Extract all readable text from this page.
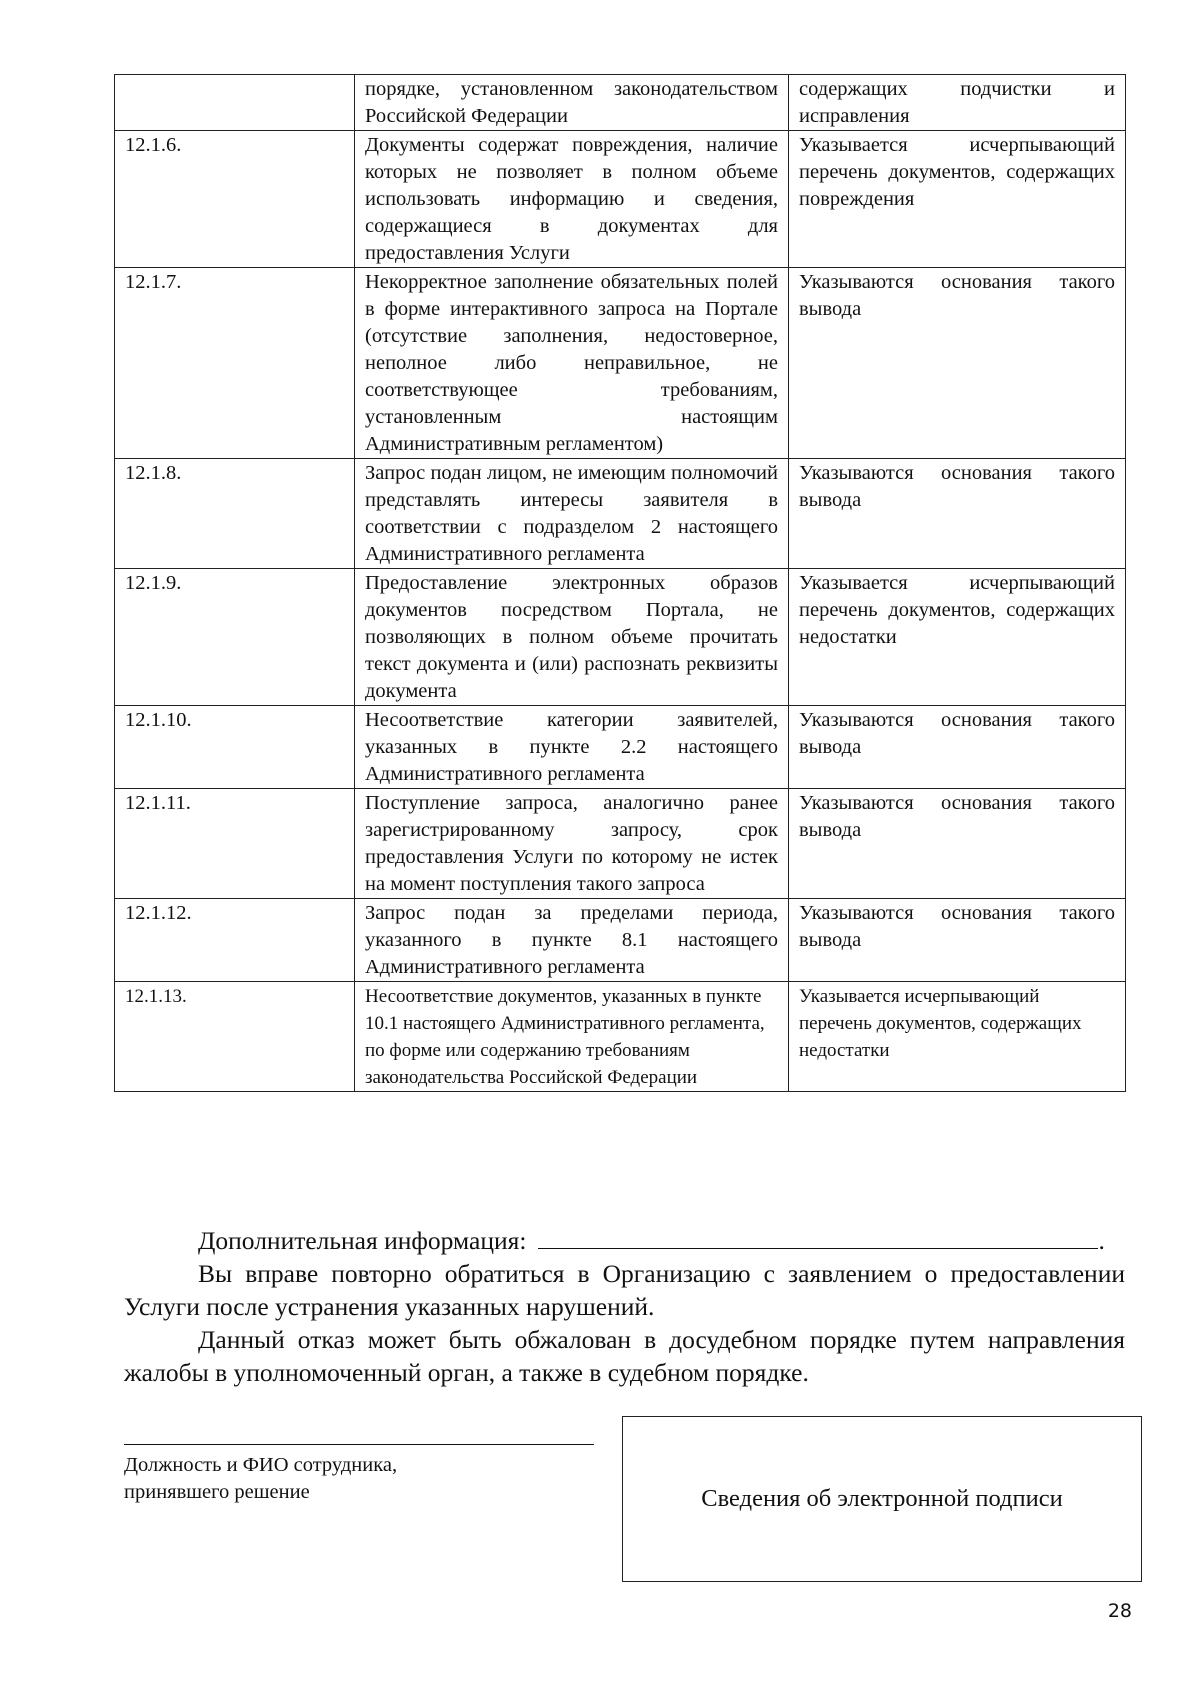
	порядке, установленном законодательством Российской Федерации	содержащих подчистки и исправления
12.1.6.	Документы содержат повреждения, наличие которых не позволяет в полном объеме использовать информацию и сведения, содержащиеся в документах для предоставления Услуги	Указывается исчерпывающий перечень документов, содержащих повреждения
12.1.7.	Некорректное заполнение обязательных полей в форме интерактивного запроса на Портале (отсутствие заполнения, недостоверное, неполное либо неправильное, не соответствующее требованиям, установленным настоящим Административным регламентом)	Указываются основания такого вывода
12.1.8.	Запрос подан лицом, не имеющим полномочий представлять интересы заявителя в соответствии с подразделом 2 настоящего Административного регламента	Указываются основания такого вывода
12.1.9.	Предоставление электронных образов документов посредством Портала, не позволяющих в полном объеме прочитать текст документа и (или) распознать реквизиты документа	Указывается исчерпывающий перечень документов, содержащих недостатки
12.1.10.	Несоответствие категории заявителей, указанных в пункте 2.2 настоящего Административного регламента	Указываются основания такого вывода
12.1.11.	Поступление запроса, аналогично ранее зарегистрированному запросу, срок предоставления Услуги по которому не истек на момент поступления такого запроса	Указываются основания такого вывода
12.1.12.	Запрос подан за пределами периода, указанного в пункте 8.1 настоящего Административного регламента	Указываются основания такого вывода
12.1.13.	Несоответствие документов, указанных в пункте 10.1 настоящего Административного регламента, по форме или содержанию требованиям законодательства Российской Федерации	Указывается исчерпывающий перечень документов, содержащих недостатки
Дополнительная информация:	.
Вы вправе повторно обратиться в Организацию с заявлением о предоставлении Услуги после устранения указанных нарушений.
Данный отказ может быть обжалован в досудебном порядке путем направления жалобы в уполномоченный орган, а также в судебном порядке.
Должность и ФИО сотрудника,
принявшего решение	Сведения об электронной подписи
28
